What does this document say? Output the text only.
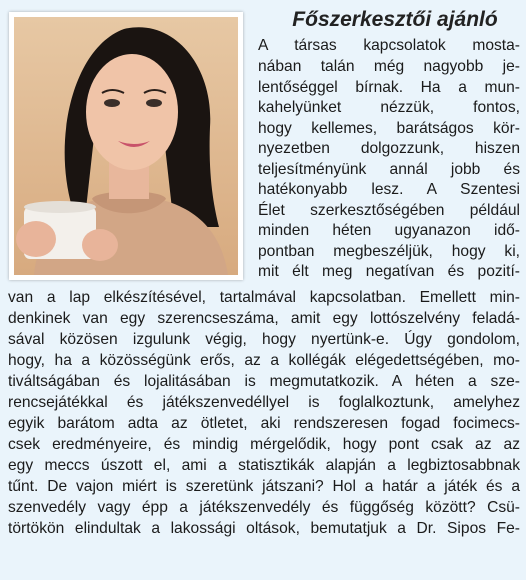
Főszerkesztői ajánló
A társas kapcsolatok mosta-
nában talán még nagyobb je-
lentőséggel bírnak. Ha a mun-
kahelyünket nézzük, fontos,
hogy kellemes, barátságos kör-
nyezetben dolgozzunk, hiszen
teljesítményünk annál jobb és
hatékonyabb lesz. A Szentesi
Élet szerkesztőségében például
minden héten ugyanazon idő-
pontban megbeszéljük, hogy ki,
mit élt meg negatívan és pozití-
van a lap elkészítésével, tartalmával kapcsolatban. Emellett min-
denkinek van egy szerencseszáma, amit egy lottószelvény feladá-
sával közösen izgulunk végig, hogy nyertünk-e. Úgy gondolom,
hogy, ha a közösségünk erős, az a kollégák elégedettségében, mo-
tiváltságában és lojalitásában is megmutatkozik. A héten a sze-
rencsejátékkal és játékszenvedéllyel is foglalkoztunk, amelyhez
egyik barátom adta az ötletet, aki rendszeresen fogad focimecs-
csek eredményeire, és mindig mérgelődik, hogy pont csak az az
egy meccs úszott el, ami a statisztikák alapján a legbiztosabbnak
tűnt. De vajon miért is szeretünk játszani? Hol a határ a játék és a
szenvedély vagy épp a játékszenvedély és függőség között? Csü-
törtökön elindultak a lakossági oltások, bemutatjuk a Dr. Sipos Fe-
